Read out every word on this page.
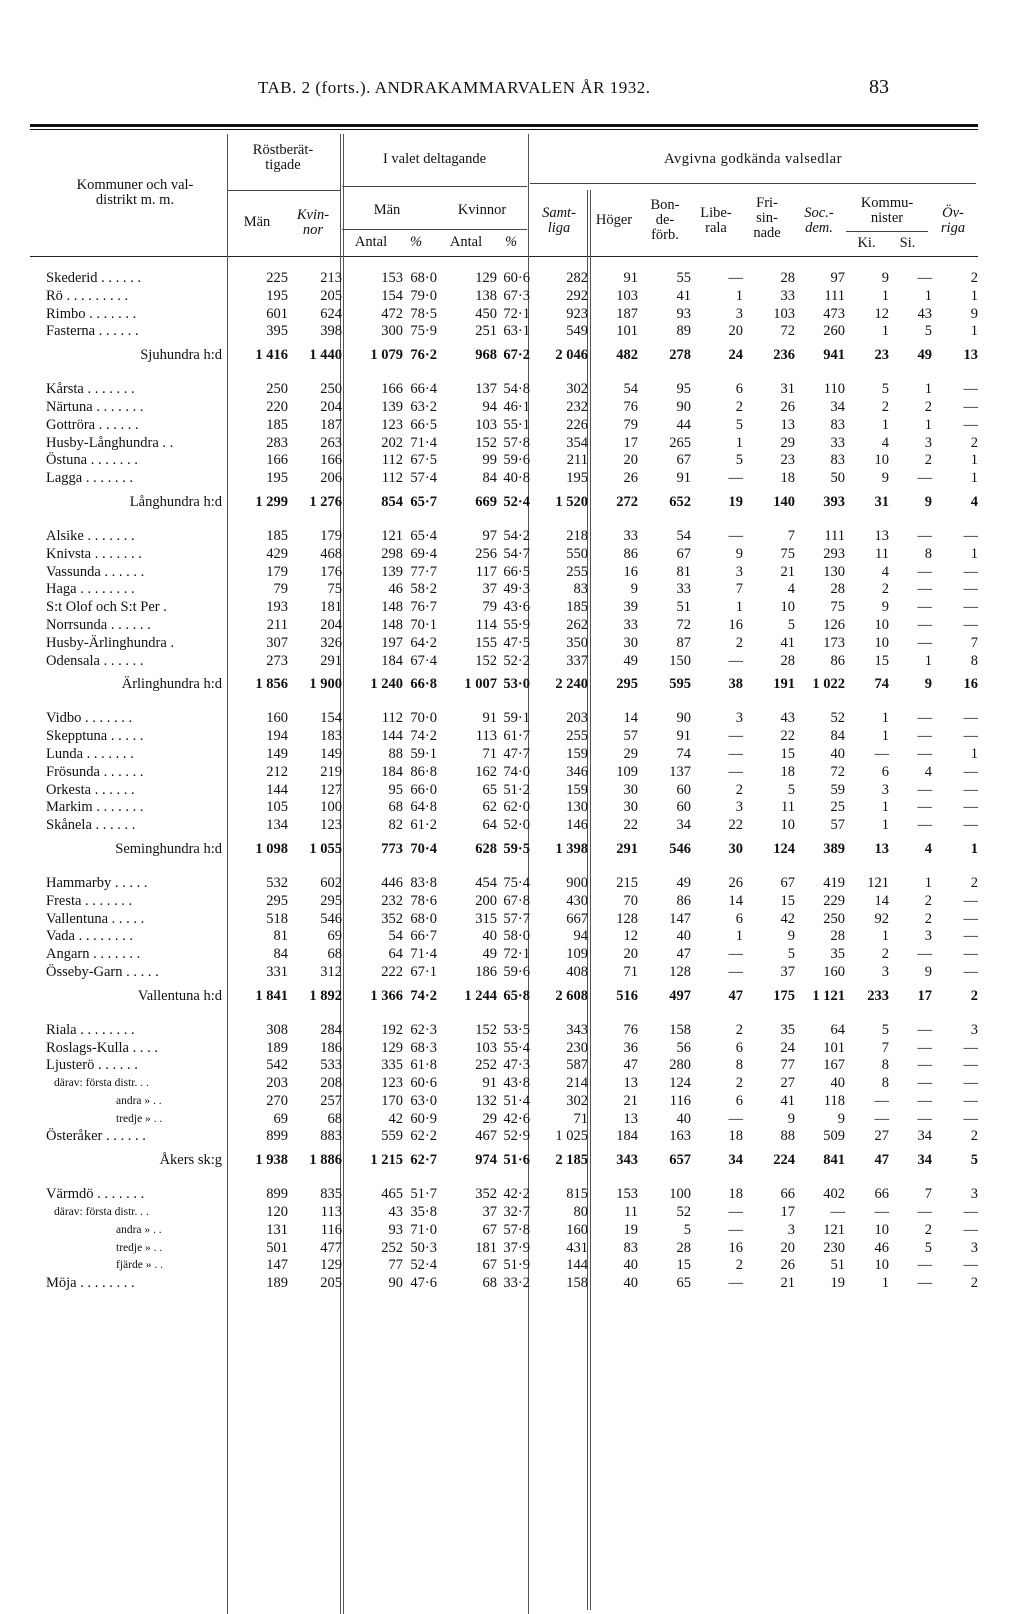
TAB. 2 (forts.). ANDRAKAMMARVALEN ÅR 1932.	83
Kommuner och val-
distrikt m. m.
Röstberät-
tigade
Män	Kvin-
nor
I valet deltagande
Män	Kvinnor
Antal	%	Antal	%
Avgivna godkända valsedlar
Samt-
liga	Höger
Bon-
de-
förb.
Libe-
rala
Fri-
sin-
nade
Soc.-
dem.
Kommu-
nister
Ki.	Si.
Öv-
riga
Skederid . . . . . .	225	213	153	68·0	129	60·6	282	91	55	—	28	97	9	—	2
Rö . . . . . . . . .	195	205	154	79·0	138	67·3	292	103	41	1	33	111	1	1	1
Rimbo . . . . . . .	601	624	472	78·5	450	72·1	923	187	93	3	103	473	12	43	9
Fasterna . . . . . .	395	398	300	75·9	251	63·1	549	101	89	20	72	260	1	5	1
Sjuhundra h:d	1 416	1 440	1 079	76·2	968	67·2	2 046	482	278	24	236	941	23	49	13

Kårsta . . . . . . .	250	250	166	66·4	137	54·8	302	54	95	6	31	110	5	1	—
Närtuna . . . . . . .	220	204	139	63·2	94	46·1	232	76	90	2	26	34	2	2	—
Gottröra . . . . . .	185	187	123	66·5	103	55·1	226	79	44	5	13	83	1	1	—
Husby-Långhundra . .	283	263	202	71·4	152	57·8	354	17	265	1	29	33	4	3	2
Östuna . . . . . . .	166	166	112	67·5	99	59·6	211	20	67	5	23	83	10	2	1
Lagga . . . . . . .	195	206	112	57·4	84	40·8	195	26	91	—	18	50	9	—	1
Långhundra h:d	1 299	1 276	854	65·7	669	52·4	1 520	272	652	19	140	393	31	9	4

Alsike . . . . . . .	185	179	121	65·4	97	54·2	218	33	54	—	7	111	13	—	—
Knivsta . . . . . . .	429	468	298	69·4	256	54·7	550	86	67	9	75	293	11	8	1
Vassunda . . . . . .	179	176	139	77·7	117	66·5	255	16	81	3	21	130	4	—	—
Haga . . . . . . . .	79	75	46	58·2	37	49·3	83	9	33	7	4	28	2	—	—
S:t Olof och S:t Per .	193	181	148	76·7	79	43·6	185	39	51	1	10	75	9	—	—
Norrsunda . . . . . .	211	204	148	70·1	114	55·9	262	33	72	16	5	126	10	—	—
Husby-Ärlinghundra .	307	326	197	64·2	155	47·5	350	30	87	2	41	173	10	—	7
Odensala . . . . . .	273	291	184	67·4	152	52·2	337	49	150	—	28	86	15	1	8
Ärlinghundra h:d	1 856	1 900	1 240	66·8	1 007	53·0	2 240	295	595	38	191	1 022	74	9	16

Vidbo . . . . . . .	160	154	112	70·0	91	59·1	203	14	90	3	43	52	1	—	—
Skepptuna . . . . .	194	183	144	74·2	113	61·7	255	57	91	—	22	84	1	—	—
Lunda . . . . . . .	149	149	88	59·1	71	47·7	159	29	74	—	15	40	—	—	1
Frösunda . . . . . .	212	219	184	86·8	162	74·0	346	109	137	—	18	72	6	4	—
Orkesta . . . . . .	144	127	95	66·0	65	51·2	159	30	60	2	5	59	3	—	—
Markim . . . . . . .	105	100	68	64·8	62	62·0	130	30	60	3	11	25	1	—	—
Skånela . . . . . .	134	123	82	61·2	64	52·0	146	22	34	22	10	57	1	—	—
Seminghundra h:d	1 098	1 055	773	70·4	628	59·5	1 398	291	546	30	124	389	13	4	1

Hammarby . . . . .	532	602	446	83·8	454	75·4	900	215	49	26	67	419	121	1	2
Fresta . . . . . . .	295	295	232	78·6	200	67·8	430	70	86	14	15	229	14	2	—
Vallentuna . . . . .	518	546	352	68·0	315	57·7	667	128	147	6	42	250	92	2	—
Vada . . . . . . . .	81	69	54	66·7	40	58·0	94	12	40	1	9	28	1	3	—
Angarn . . . . . . .	84	68	64	71·4	49	72·1	109	20	47	—	5	35	2	—	—
Össeby-Garn . . . . .	331	312	222	67·1	186	59·6	408	71	128	—	37	160	3	9	—
Vallentuna h:d	1 841	1 892	1 366	74·2	1 244	65·8	2 608	516	497	47	175	1 121	233	17	2

Riala . . . . . . . .	308	284	192	62·3	152	53·5	343	76	158	2	35	64	5	—	3
Roslags-Kulla . . . .	189	186	129	68·3	103	55·4	230	36	56	6	24	101	7	—	—
Ljusterö . . . . . .	542	533	335	61·8	252	47·3	587	47	280	8	77	167	8	—	—
därav: första distr. . .	203	208	123	60·6	91	43·8	214	13	124	2	27	40	8	—	—
andra » . .	270	257	170	63·0	132	51·4	302	21	116	6	41	118	—	—	—
tredje » . .	69	68	42	60·9	29	42·6	71	13	40	—	9	9	—	—	—
Österåker . . . . . .	899	883	559	62·2	467	52·9	1 025	184	163	18	88	509	27	34	2
Åkers sk:g	1 938	1 886	1 215	62·7	974	51·6	2 185	343	657	34	224	841	47	34	5

Värmdö . . . . . . .	899	835	465	51·7	352	42·2	815	153	100	18	66	402	66	7	3
därav: första distr. . .	120	113	43	35·8	37	32·7	80	11	52	—	17	—	—	—	—
andra » . .	131	116	93	71·0	67	57·8	160	19	5	—	3	121	10	2	—
tredje » . .	501	477	252	50·3	181	37·9	431	83	28	16	20	230	46	5	3
fjärde » . .	147	129	77	52·4	67	51·9	144	40	15	2	26	51	10	—	—
Möja . . . . . . . .	189	205	90	47·6	68	33·2	158	40	65	—	21	19	1	—	2
